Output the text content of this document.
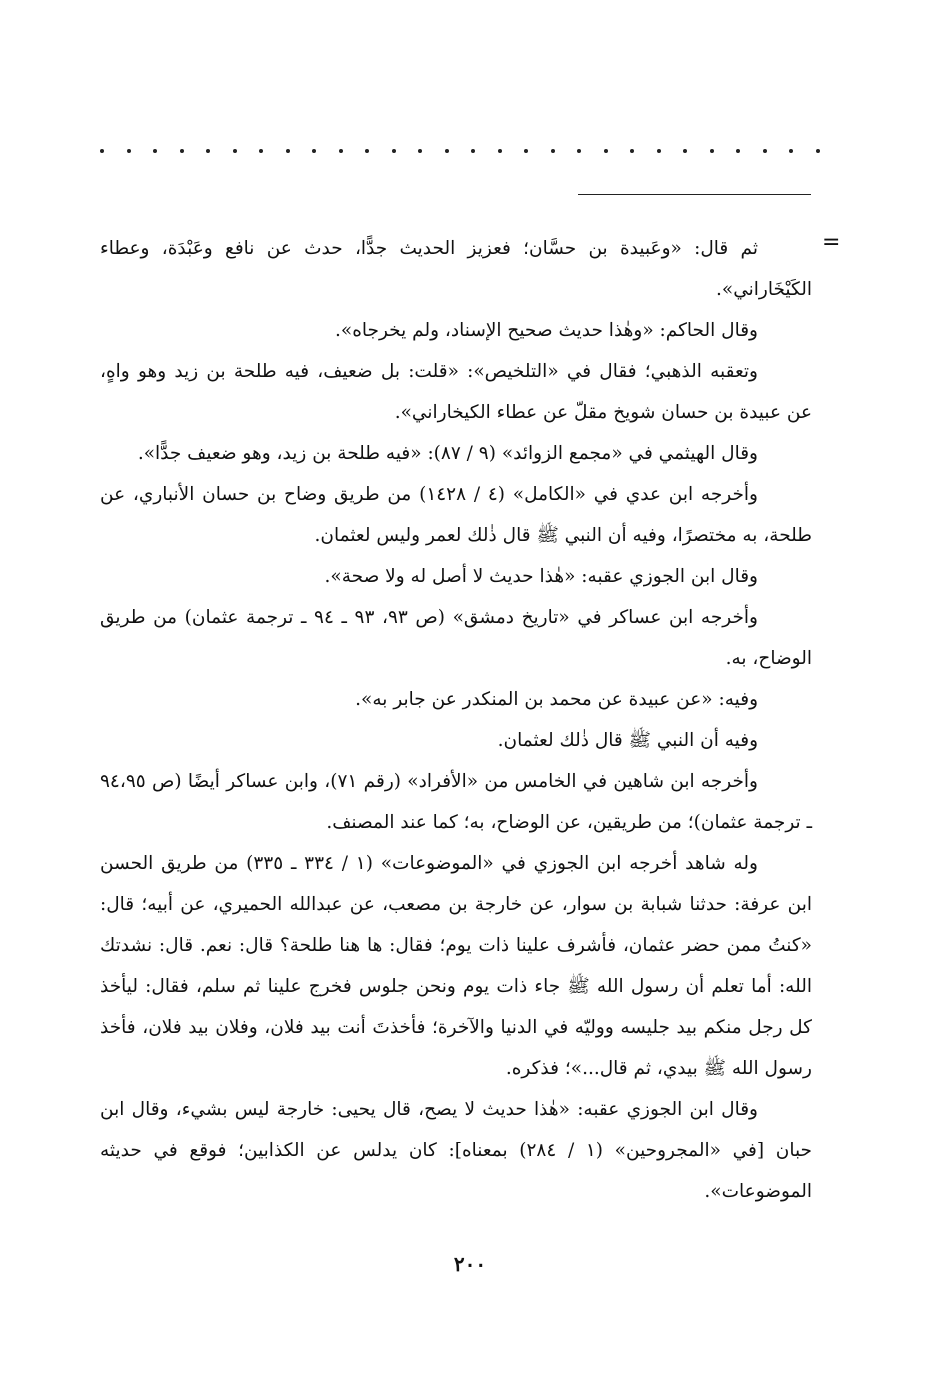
=

ثم قال: «وعَبيدة بن حسَّان؛ فعزيز الحديث جدًّا، حدث عن نافع وعَبْدَة، وعطاء الكَيْخَاراني».

وقال الحاكم: «وهٰذا حديث صحيح الإسناد، ولم يخرجاه».

وتعقبه الذهبي؛ فقال في «التلخيص»: «قلت: بل ضعيف، فيه طلحة بن زيد وهو واهٍ، عن عبيدة بن حسان شويخ مقلّ عن عطاء الكيخاراني».

وقال الهيثمي في «مجمع الزوائد» (٩ / ٨٧): «فيه طلحة بن زيد، وهو ضعيف جدًّا».

وأخرجه ابن عدي في «الكامل» (٤ / ١٤٢٨) من طريق وضاح بن حسان الأنباري، عن طلحة، به مختصرًا، وفيه أن النبي ﷺ قال ذٰلك لعمر وليس لعثمان.

وقال ابن الجوزي عقبه: «هٰذا حديث لا أصل له ولا صحة».

وأخرجه ابن عساكر في «تاريخ دمشق» (ص ٩٣، ٩٣ ـ ٩٤ ـ ترجمة عثمان) من طريق الوضاح، به.

وفيه: «عن عبيدة عن محمد بن المنكدر عن جابر به».

وفيه أن النبي ﷺ قال ذٰلك لعثمان.

وأخرجه ابن شاهين في الخامس من «الأفراد» (رقم ٧١)، وابن عساكر أيضًا (ص ٩٤،٩٥ ـ ترجمة عثمان)؛ من طريقين، عن الوضاح، به؛ كما عند المصنف.

وله شاهد أخرجه ابن الجوزي في «الموضوعات» (١ / ٣٣٤ ـ ٣٣٥) من طريق الحسن ابن عرفة: حدثنا شبابة بن سوار، عن خارجة بن مصعب، عن عبدالله الحميري، عن أبيه؛ قال: «كنتُ ممن حضر عثمان، فأشرف علينا ذات يوم؛ فقال: ها هنا طلحة؟ قال: نعم. قال: نشدتك الله: أما تعلم أن رسول الله ﷺ جاء ذات يوم ونحن جلوس فخرج علينا ثم سلم، فقال: ليأخذ كل رجل منكم بيد جليسه ووليّه في الدنيا والآخرة؛ فأخذتَ أنت بيد فلان، وفلان بيد فلان، فأخذ رسول الله ﷺ بيدي، ثم قال...»؛ فذكره.

وقال ابن الجوزي عقبه: «هٰذا حديث لا يصح، قال يحيى: خارجة ليس بشيء، وقال ابن حبان [في «المجروحين» (١ / ٢٨٤) بمعناه]: كان يدلس عن الكذابين؛ فوقع في حديثه الموضوعات».

٢٠٠
